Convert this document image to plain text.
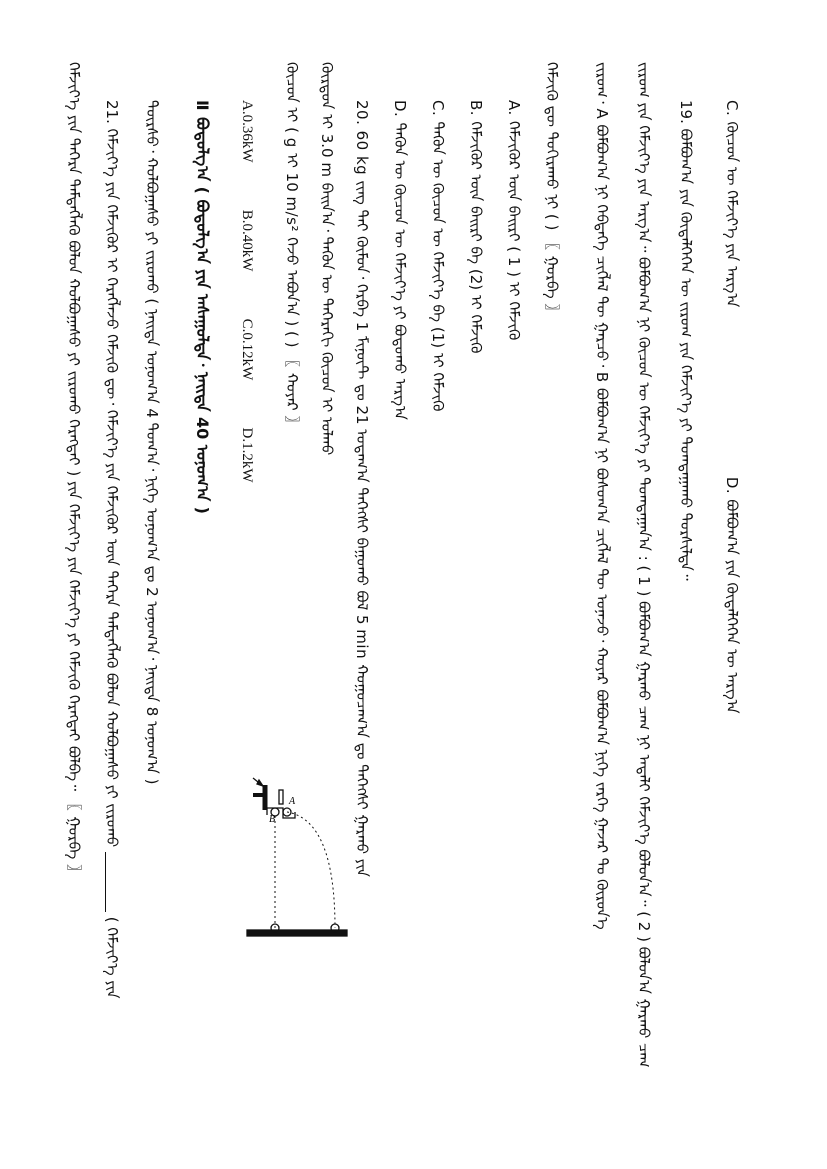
ᠬᠡᠮᠵᠢᠶ᠎ᠡ ᠶᠢᠨ ᠳᠡᠭᠡᠷᠡ ᠲᠡᠮᠳᠡᠭᠯᠡᠬᠦ ᠪᠣᠯᠣᠨ ᠬᠣᠯᠪᠣᠭᠠᠰᠤ ᠶᠢ ᠵᠢᠷᠤᠬᠤ ᠬᠡᠷᠡᠭᠲᠡᠢ ) ᠶᠢᠨ ᠬᠡᠮᠵᠢᠶ᠎ᠡ ᠶᠢᠨ ᠬᠡᠮᠵᠢᠶ᠎ᠡ ᠶᠢ ᠬᠡᠮᠵᠢᠬᠦ ᠬᠡᠷᠡᠭᠲᠡᠢ ᠪᠣᠯᠪᠠ᠃ 〖 ᠭᠣᠷᠪᠠ 〗 21. ᠬᠡᠮᠵᠢᠶ᠎ᠡ ᠶᠢᠨ ᠬᠡᠮᠵᠢᠭᠦᠷ ᠢ ᠬᠡᠷᠡᠭᠯᠡᠵᠦ ᠬᠡᠮᠵᠢᠬᠦ ᠳᠦ᠂ ᠬᠡᠮᠵᠢᠶ᠎ᠡ ᠶᠢᠨ ᠬᠡᠮᠵᠢᠭᠦᠷ ᠦᠨ ᠳᠡᠭᠡᠷᠡ ᠲᠡᠮᠳᠡᠭᠯᠡᠬᠦ ᠪᠣᠯᠣᠨ ᠬᠣᠯᠪᠣᠭᠠᠰᠤ ᠶᠢ ᠵᠢᠷᠤᠬᠤ  ( ᠬᠡᠮᠵᠢᠶ᠎ᠡ ᠶᠢᠨ
ᠳᠦᠷᠰᠦ᠂ ᠬᠣᠯᠪᠣᠭᠠᠰᠤ ᠶᠢ ᠵᠢᠷᠤᠬᠤ ( ᠨᠡᠢᠲᠡ ᠣᠨᠤᠭ᠎ᠠ 4 ᠲᠣᠭ᠎ᠠ᠂ ᠨᠢᠭᠡ ᠣᠨᠤᠭ᠎ᠠ ᠳᠤ 2 ᠣᠨᠤᠭ᠎ᠠ᠂ ᠨᠡᠢᠲᠡ 8 ᠣᠨᠤᠭ᠎ᠠ ) Ⅱ ᠪᠣᠳᠣᠯᠭ᠎ᠠ ( ᠪᠣᠳᠣᠯᠭ᠎ᠠ ᠶᠢᠨ ᠠᠰᠠᠭᠤᠯᠲᠠ᠂ ᠨᠡᠢᠲᠡ 40 ᠣᠨᠤᠭ᠎ᠠ ) A.0.36kW  B.0.40kW  C.0.12kW  D.1.2kW
ᠬᠦᠴᠦᠨ ᠢ ( g ᠢ 10 m/s² ᠭᠡᠵᠦ ᠠᠪᠤᠨ᠎ᠠ ) ( ) 〖 ᠬᠣᠶᠠᠷ 〗 ᠬᠦᠷᠳᠦᠨ ᠢ 3.0 m ᠪᠠᠢᠨ᠎ᠠ᠂ ᠲᠡᠭᠦᠨ ᠦ ᠳᠡᠭᠡᠷᠡᠬᠢ ᠬᠦᠴᠦᠨ ᠢ ᠣᠯᠬᠤ 20. 60 kg ᠵᠢᠩ ᠲᠠᠢ ᠬᠦᠮᠦᠨ᠂ ᠬᠡᠷᠪᠡ 1 ᠮᠢᠨᠦ᠋ᠲ ᠳᠤ 21 ᠤᠳᠠᠭ᠎ᠠ ᠳᠡᠭᠡᠭᠰᠢ ᠪᠠᠭᠤᠬᠤ ᠪᠣᠯ 5 min ᠬᠤᠭᠤᠴᠠᠭ᠎ᠠ ᠳᠤ ᠳᠡᠭᠡᠭᠰᠢ ᠭᠠᠷᠬᠤ ᠶᠢᠨ D. ᠲᠡᠭᠦᠨ ᠦ ᠬᠦᠴᠦᠨ ᠦ ᠬᠡᠮᠵᠢᠶ᠎ᠡ ᠶᠢ ᠪᠣᠳᠣᠬᠤ ᠠᠷᠭ᠎ᠠ C. ᠲᠡᠭᠦᠨ ᠦ ᠬᠦᠴᠦᠨ ᠦ ᠬᠡᠮᠵᠢᠶ᠎ᠡ ᠪᠠ (1) ᠢ ᠬᠡᠮᠵᠢᠬᠦ B. ᠬᠡᠮᠵᠢᠭᠦᠷ ᠦᠨ ᠪᠠᠢᠷᠢ ᠪᠠ (2) ᠢ ᠬᠡᠮᠵᠢᠬᠦ A. ᠬᠡᠮᠵᠢᠭᠦᠷ ᠦᠨ ᠪᠠᠢᠷᠢ ( 1 ) ᠢ ᠬᠡᠮᠵᠢᠬᠦ ᠬᠡᠮᠵᠢᠬᠦ ᠳᠦ ᠲᠣᠬᠢᠷᠠᠬᠤ ᠨᠢ ( ) 〖 ᠭᠣᠷᠪᠠ 〗
B
A	ᠵᠢᠷᠤᠭ᠂ A ᠪᠣᠮᠪᠣᠭ᠎ᠠ ᠨᠢ ᠬᠡᠪᠲᠡᠭᠡ ᠴᠢᠭᠯᠡᠯ ᠲᠦ ᠭᠠᠷᠴᠤ᠂ B ᠪᠣᠮᠪᠣᠭ᠎ᠠ ᠨᠢ ᠪᠣᠰᠤᠭ᠎ᠠ ᠴᠢᠭᠯᠡᠯ ᠲᠦ ᠤᠨᠠᠵᠤ᠂ ᠬᠣᠶᠠᠷ ᠪᠣᠮᠪᠣᠭ᠎ᠠ ᠨᠢᠭᠡ ᠵᠡᠷᠭᠡ ᠭᠠᠵᠠᠷ ᠲᠤ ᠬᠦᠷᠦᠨ᠎ᠡ ᠵᠢᠷᠤᠭ ᠶᠢᠨ ᠬᠡᠮᠵᠢᠶ᠎ᠡ ᠶᠢᠨ ᠠᠷᠭ᠎ᠠ᠃ ᠪᠣᠮᠪᠣᠭ᠎ᠠ ᠨᠢ ᠬᠦᠴᠦᠨ ᠦ ᠬᠡᠮᠵᠢᠶ᠎ᠡ ᠶᠢ ᠲᠣᠭᠲᠠᠭᠠᠨ᠎ᠠ : ( 1 ) ᠪᠣᠮᠪᠣᠭ᠎ᠠ ᠭᠠᠷᠬᠤ ᠴᠠᠭ ᠨᠢ ᠠᠳᠠᠯᠢ ᠬᠡᠮᠵᠢᠶ᠎ᠡ ᠪᠣᠯᠤᠨ᠎ᠠ᠃ ( 2 ) ᠪᠣᠯᠤᠨ᠎ᠠ ᠭᠠᠷᠬᠤ ᠴᠠᠭ 19. ᠪᠣᠮᠪᠣᠭ᠎ᠠ ᠶᠢᠨ ᠬᠥᠳᠡᠯᠭᠡᠭᠡᠨ ᠦ ᠵᠢᠷᠤᠭ ᠶᠢᠨ ᠬᠡᠮᠵᠢᠶ᠎ᠡ ᠶᠢ ᠲᠣᠭᠲᠠᠭᠠᠬᠤ ᠲᠤᠷᠰᠢᠯᠲᠠ᠃ C. ᠬᠦᠴᠦᠨ ᠦ ᠬᠡᠮᠵᠢᠶ᠎ᠡ ᠶᠢᠨ ᠠᠷᠭ᠎ᠠ  D. ᠪᠣᠮᠪᠣᠭ᠎ᠠ ᠶᠢᠨ ᠬᠥᠳᠡᠯᠭᠡᠭᠡᠨ ᠦ ᠠᠷᠭ᠎ᠠ
